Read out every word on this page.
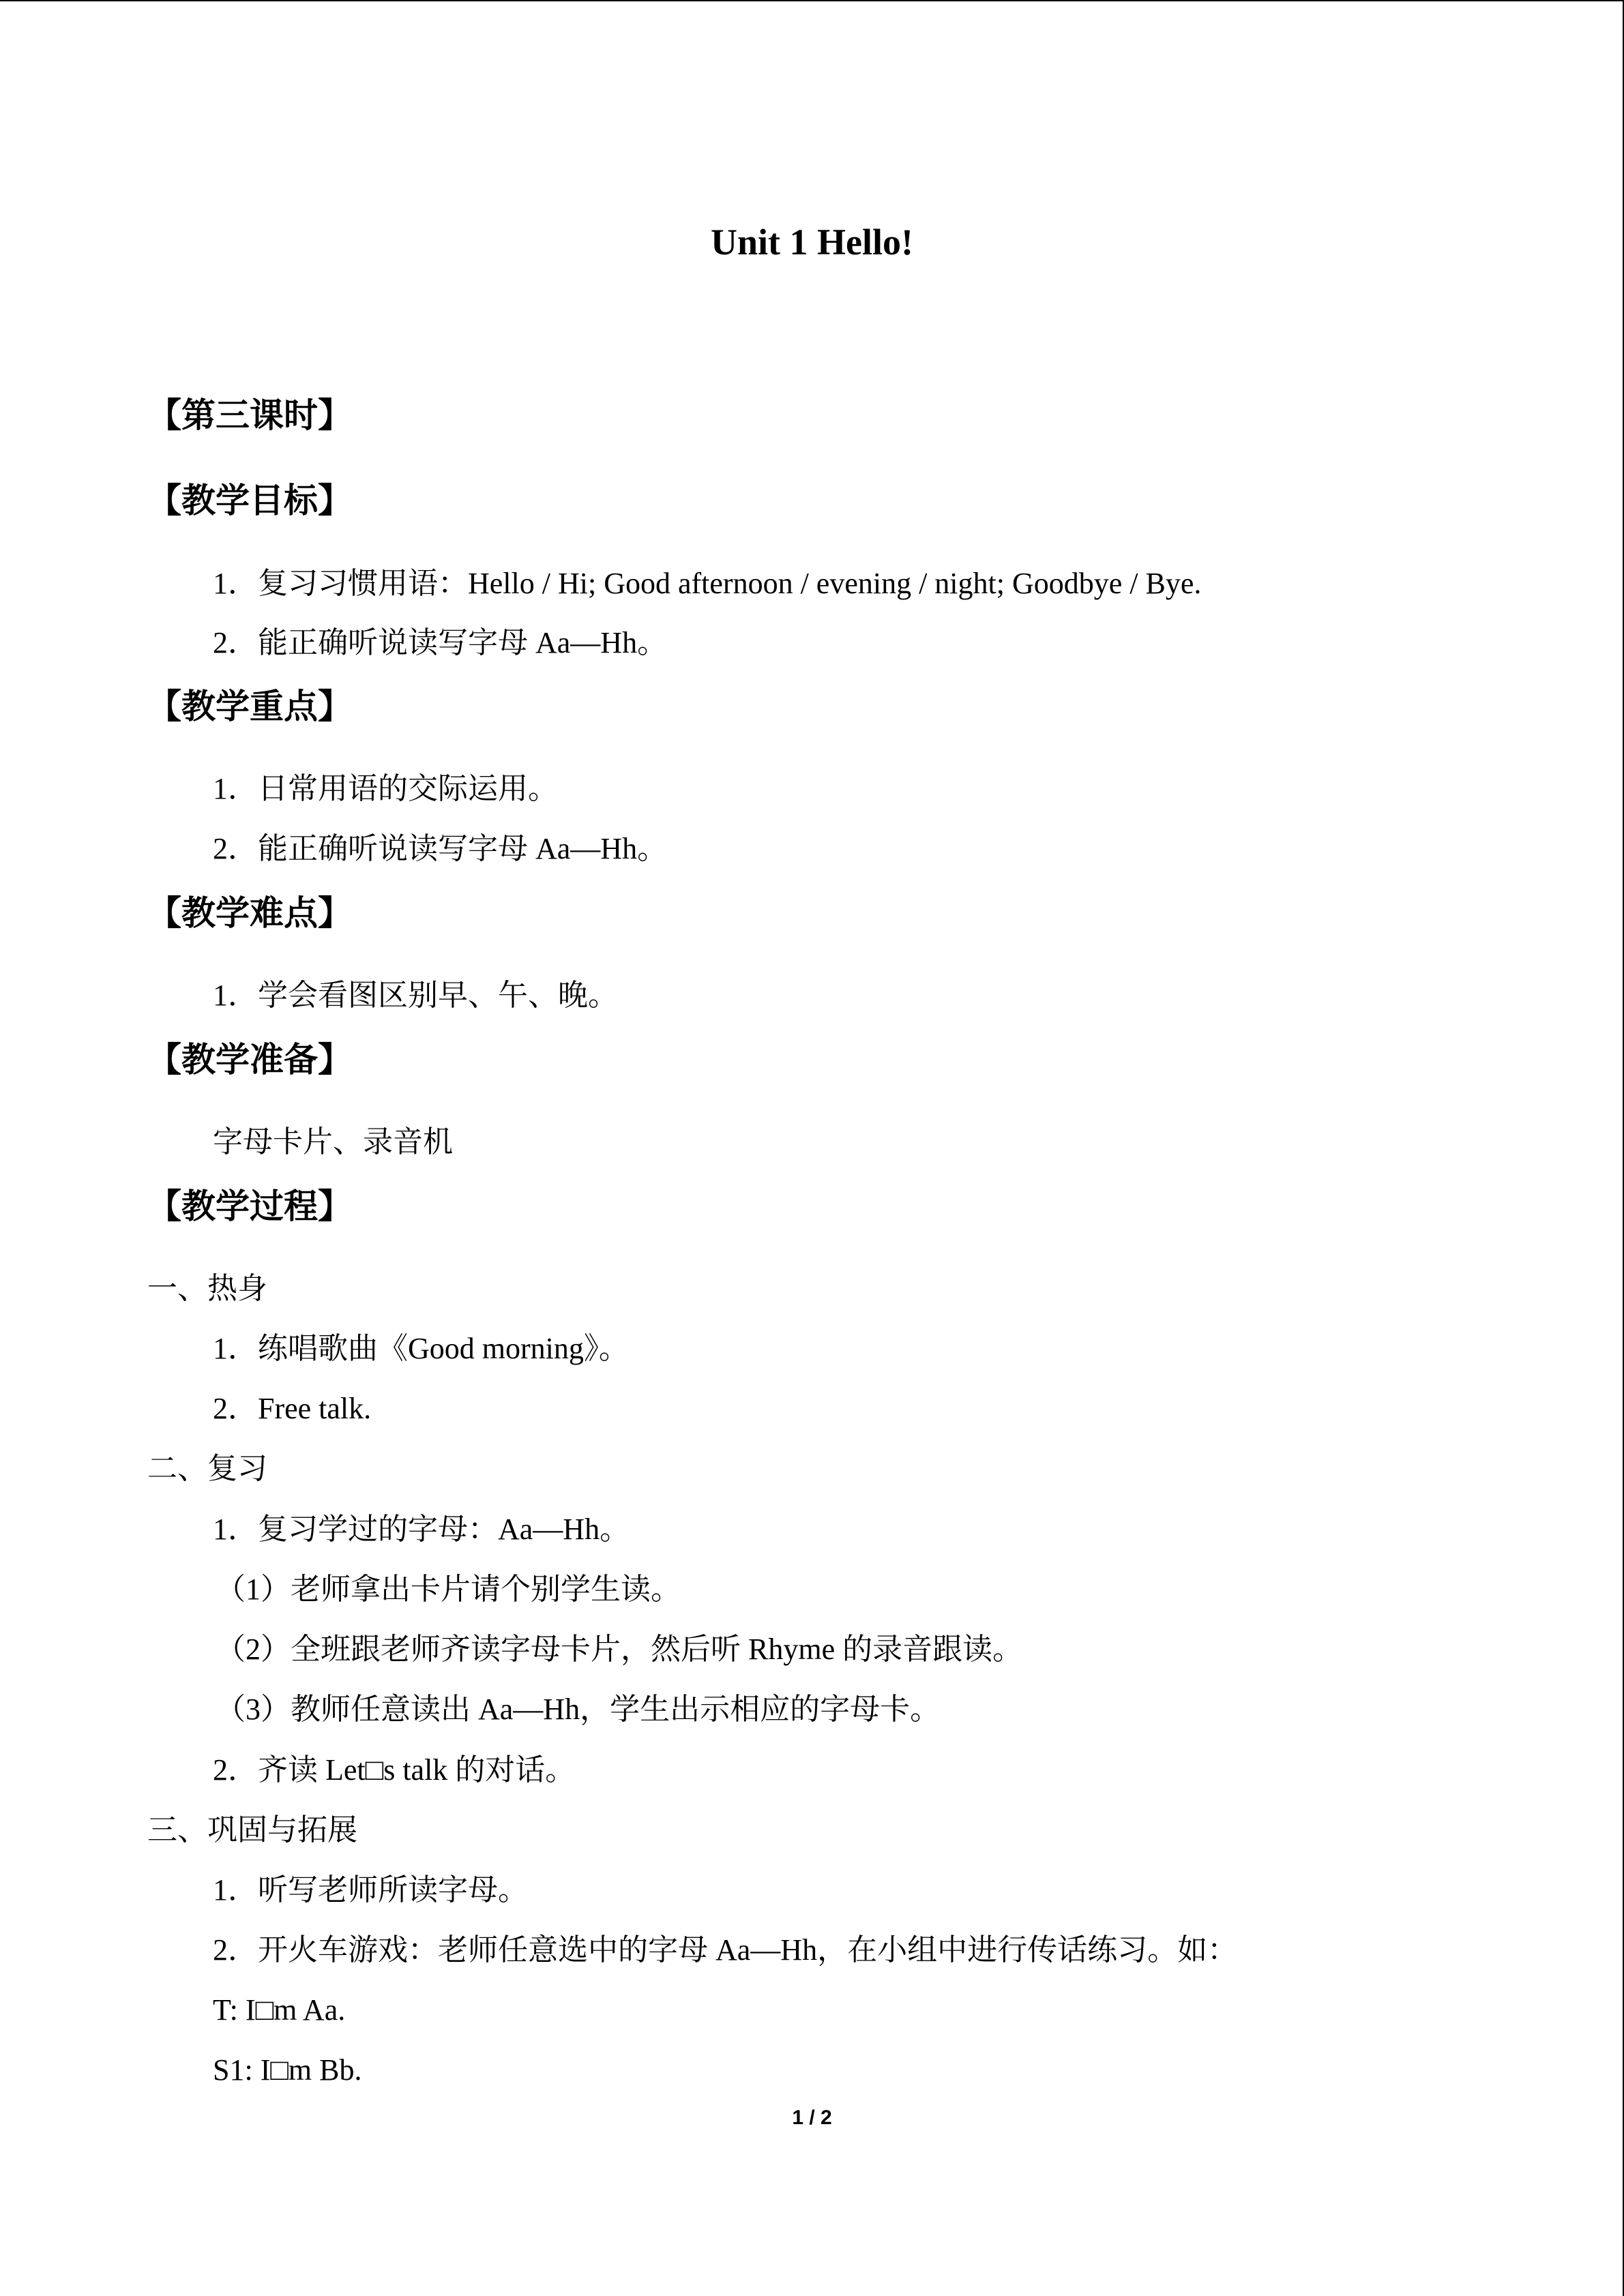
Unit 1 Hello!
【第三课时】
【教学目标】
1．复习习惯用语：Hello / Hi; Good afternoon / evening / night; Goodbye / Bye.
2．能正确听说读写字母 Aa—Hh。
【教学重点】
1．日常用语的交际运用。
2．能正确听说读写字母 Aa—Hh。
【教学难点】
1．学会看图区别早、午、晚。
【教学准备】
字母卡片、录音机
【教学过程】
一、热身
1．练唱歌曲《Good morning》。
2．Free talk.
二、复习
1．复习学过的字母：Aa—Hh。
（1）老师拿出卡片请个别学生读。
（2）全班跟老师齐读字母卡片，然后听 Rhyme 的录音跟读。
（3）教师任意读出 Aa—Hh，学生出示相应的字母卡。
2．齐读 Let□s talk 的对话。
三、巩固与拓展
1．听写老师所读字母。
2．开火车游戏：老师任意选中的字母 Aa—Hh，在小组中进行传话练习。如：
T: I□m Aa.
S1: I□m Bb.
1 / 2
